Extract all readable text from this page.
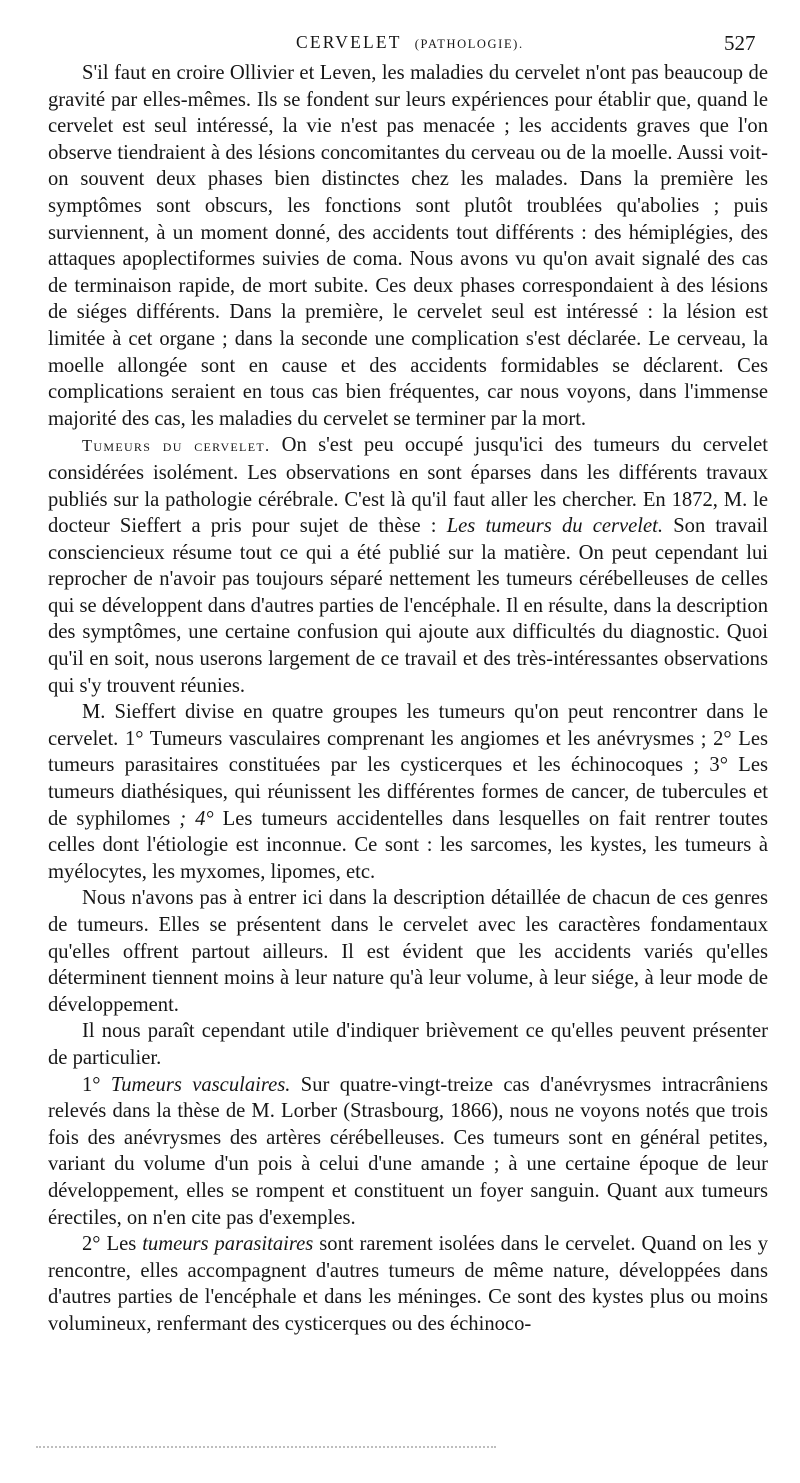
CERVELET (PATHOLOGIE).	527

S'il faut en croire Ollivier et Leven, les maladies du cervelet n'ont pas beaucoup de gravité par elles-mêmes. Ils se fondent sur leurs expériences pour établir que, quand le cervelet est seul intéressé, la vie n'est pas menacée ; les accidents graves que l'on observe tiendraient à des lésions concomitantes du cerveau ou de la moelle. Aussi voit-on souvent deux phases bien distinctes chez les malades. Dans la première les symptômes sont obscurs, les fonctions sont plutôt troublées qu'abolies ; puis surviennent, à un moment donné, des accidents tout différents : des hémiplégies, des attaques apoplectiformes suivies de coma. Nous avons vu qu'on avait signalé des cas de terminaison rapide, de mort subite. Ces deux phases correspondaient à des lésions de siéges différents. Dans la première, le cervelet seul est intéressé : la lésion est limitée à cet organe ; dans la seconde une complication s'est déclarée. Le cerveau, la moelle allongée sont en cause et des accidents formidables se déclarent. Ces complications seraient en tous cas bien fréquentes, car nous voyons, dans l'immense majorité des cas, les maladies du cervelet se terminer par la mort.

Tumeurs du cervelet. On s'est peu occupé jusqu'ici des tumeurs du cervelet considérées isolément. Les observations en sont éparses dans les différents travaux publiés sur la pathologie cérébrale. C'est là qu'il faut aller les chercher. En 1872, M. le docteur Sieffert a pris pour sujet de thèse : Les tumeurs du cervelet. Son travail consciencieux résume tout ce qui a été publié sur la matière. On peut cependant lui reprocher de n'avoir pas toujours séparé nettement les tumeurs cérébelleuses de celles qui se développent dans d'autres parties de l'encéphale. Il en résulte, dans la description des symptômes, une certaine confusion qui ajoute aux difficultés du diagnostic. Quoi qu'il en soit, nous userons largement de ce travail et des très-intéressantes observations qui s'y trouvent réunies.

M. Sieffert divise en quatre groupes les tumeurs qu'on peut rencontrer dans le cervelet. 1° Tumeurs vasculaires comprenant les angiomes et les anévrysmes ; 2° Les tumeurs parasitaires constituées par les cysticerques et les échinocoques ; 3° Les tumeurs diathésiques, qui réunissent les différentes formes de cancer, de tubercules et de syphilomes ; 4° Les tumeurs accidentelles dans lesquelles on fait rentrer toutes celles dont l'étiologie est inconnue. Ce sont : les sarcomes, les kystes, les tumeurs à myélocytes, les myxomes, lipomes, etc.

Nous n'avons pas à entrer ici dans la description détaillée de chacun de ces genres de tumeurs. Elles se présentent dans le cervelet avec les caractères fondamentaux qu'elles offrent partout ailleurs. Il est évident que les accidents variés qu'elles déterminent tiennent moins à leur nature qu'à leur volume, à leur siége, à leur mode de développement.

Il nous paraît cependant utile d'indiquer brièvement ce qu'elles peuvent présenter de particulier.

1° Tumeurs vasculaires. Sur quatre-vingt-treize cas d'anévrysmes intracrâniens relevés dans la thèse de M. Lorber (Strasbourg, 1866), nous ne voyons notés que trois fois des anévrysmes des artères cérébelleuses. Ces tumeurs sont en général petites, variant du volume d'un pois à celui d'une amande ; à une certaine époque de leur développement, elles se rompent et constituent un foyer sanguin. Quant aux tumeurs érectiles, on n'en cite pas d'exemples.

2° Les tumeurs parasitaires sont rarement isolées dans le cervelet. Quand on les y rencontre, elles accompagnent d'autres tumeurs de même nature, développées dans d'autres parties de l'encéphale et dans les méninges. Ce sont des kystes plus ou moins volumineux, renfermant des cysticerques ou des échinoco-
